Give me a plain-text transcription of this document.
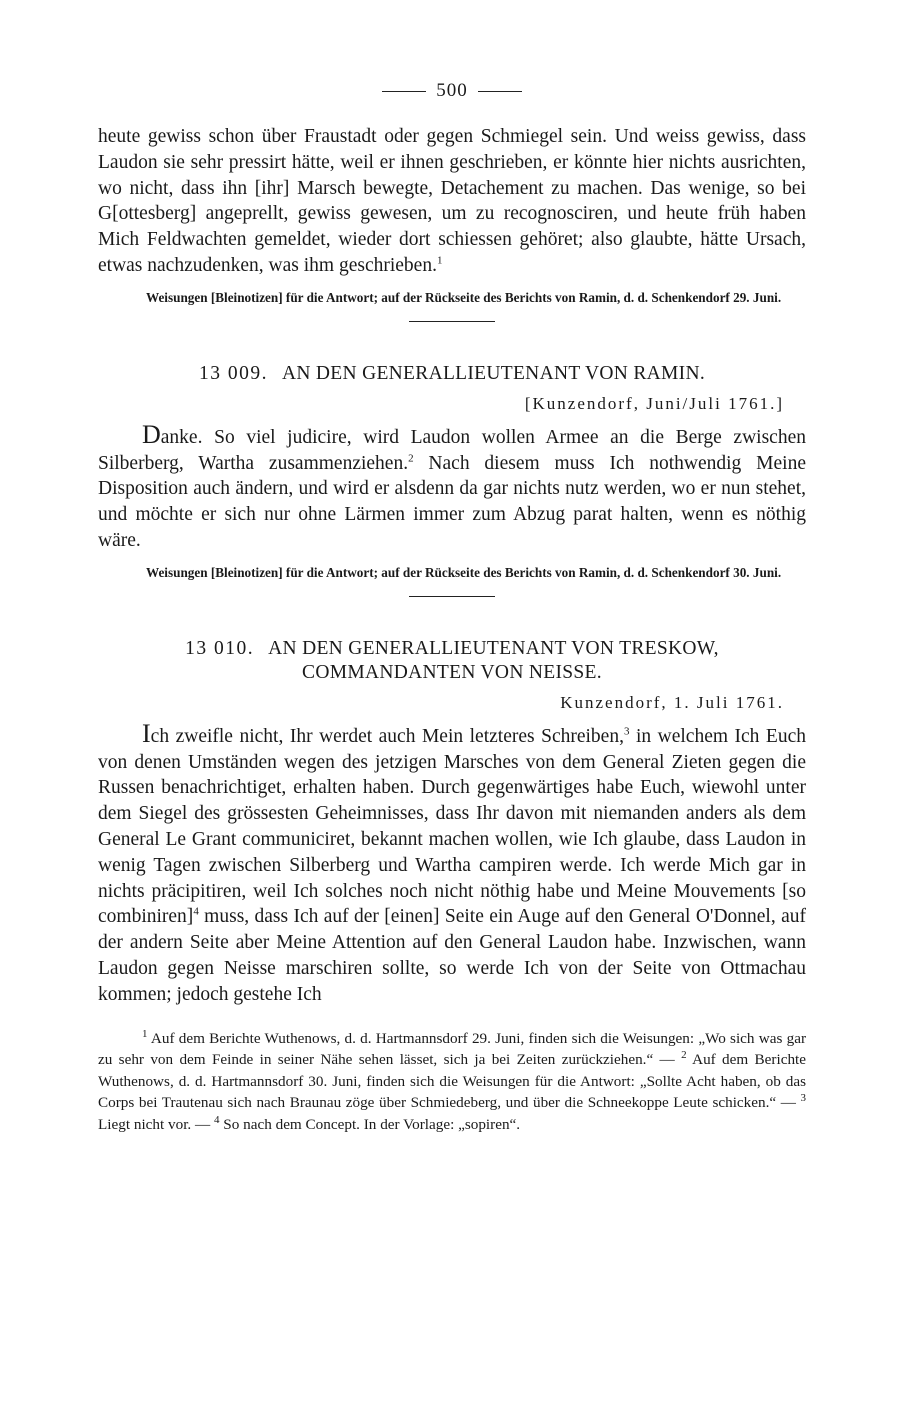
500
heute gewiss schon über Fraustadt oder gegen Schmiegel sein. Und weiss gewiss, dass Laudon sie sehr pressirt hätte, weil er ihnen geschrieben, er könnte hier nichts ausrichten, wo nicht, dass ihn [ihr] Marsch bewegte, Detachement zu machen. Das wenige, so bei G[ottesberg] angeprellt, gewiss gewesen, um zu recognosciren, und heute früh haben Mich Feldwachten gemeldet, wieder dort schiessen gehöret; also glaubte, hätte Ursach, etwas nachzudenken, was ihm geschrieben.$^1$
Weisungen [Bleinotizen] für die Antwort; auf der Rückseite des Berichts von Ramin, d. d. Schenkendorf 29. Juni.
13 009. AN DEN GENERALLIEUTENANT VON RAMIN.
[Kunzendorf, Juni/Juli 1761.]
Danke. So viel judicire, wird Laudon wollen Armee an die Berge zwischen Silberberg, Wartha zusammenziehen.$^2$ Nach diesem muss Ich nothwendig Meine Disposition auch ändern, und wird er alsdenn da gar nichts nutz werden, wo er nun stehet, und möchte er sich nur ohne Lärmen immer zum Abzug parat halten, wenn es nöthig wäre.
Weisungen [Bleinotizen] für die Antwort; auf der Rückseite des Berichts von Ramin, d. d. Schenkendorf 30. Juni.
13 010. AN DEN GENERALLIEUTENANT VON TRESKOW,
COMMANDANTEN VON NEISSE.
Kunzendorf, 1. Juli 1761.
Ich zweifle nicht, Ihr werdet auch Mein letzteres Schreiben,$^3$ in welchem Ich Euch von denen Umständen wegen des jetzigen Marsches von dem General Zieten gegen die Russen benachrichtiget, erhalten haben. Durch gegenwärtiges habe Euch, wiewohl unter dem Siegel des grössesten Geheimnisses, dass Ihr davon mit niemanden anders als dem General Le Grant communiciret, bekannt machen wollen, wie Ich glaube, dass Laudon in wenig Tagen zwischen Silberberg und Wartha campiren werde. Ich werde Mich gar in nichts präcipitiren, weil Ich solches noch nicht nöthig habe und Meine Mouvements [so combiniren]$^4$ muss, dass Ich auf der [einen] Seite ein Auge auf den General O'Donnel, auf der andern Seite aber Meine Attention auf den General Laudon habe. Inzwischen, wann Laudon gegen Neisse marschiren sollte, so werde Ich von der Seite von Ottmachau kommen; jedoch gestehe Ich
$^1$ Auf dem Berichte Wuthenows, d. d. Hartmannsdorf 29. Juni, finden sich die Weisungen: „Wo sich was gar zu sehr von dem Feinde in seiner Nähe sehen lässet, sich ja bei Zeiten zurückziehen.“ — $^2$ Auf dem Berichte Wuthenows, d. d. Hartmannsdorf 30. Juni, finden sich die Weisungen für die Antwort: „Sollte Acht haben, ob das Corps bei Trautenau sich nach Braunau zöge über Schmiedeberg, und über die Schneekoppe Leute schicken.“ — $^3$ Liegt nicht vor. — $^4$ So nach dem Concept. In der Vorlage: „sopiren“.
